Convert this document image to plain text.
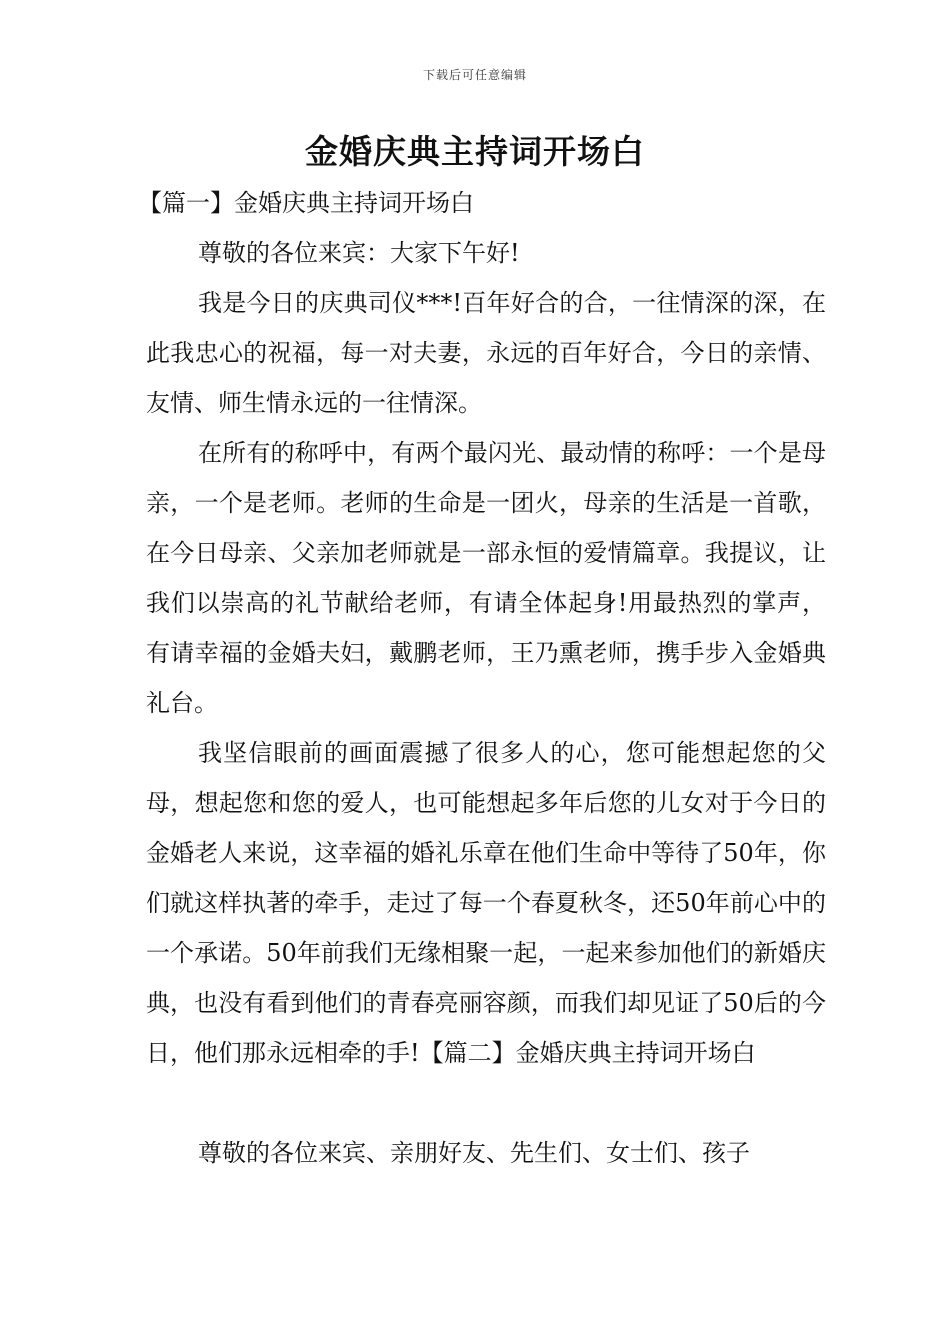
下载后可任意编辑
金婚庆典主持词开场白

【篇一】金婚庆典主持词开场白

尊敬的各位来宾：大家下午好!

我是今日的庆典司仪***!百年好合的合，一往情深的深，在此我忠心的祝福，每一对夫妻，永远的百年好合，今日的亲情、友情、师生情永远的一往情深。

在所有的称呼中，有两个最闪光、最动情的称呼：一个是母亲，一个是老师。老师的生命是一团火，母亲的生活是一首歌，在今日母亲、父亲加老师就是一部永恒的爱情篇章。我提议，让我们以崇高的礼节献给老师，有请全体起身!用最热烈的掌声，有请幸福的金婚夫妇，戴鹏老师，王乃熏老师，携手步入金婚典礼台。

我坚信眼前的画面震撼了很多人的心，您可能想起您的父母，想起您和您的爱人，也可能想起多年后您的儿女对于今日的金婚老人来说，这幸福的婚礼乐章在他们生命中等待了50年，你们就这样执著的牵手，走过了每一个春夏秋冬，还50年前心中的一个承诺。50年前我们无缘相聚一起，一起来参加他们的新婚庆典，也没有看到他们的青春亮丽容颜，而我们却见证了50后的今日，他们那永远相牵的手!【篇二】金婚庆典主持词开场白

尊敬的各位来宾、亲朋好友、先生们、女士们、孩子
